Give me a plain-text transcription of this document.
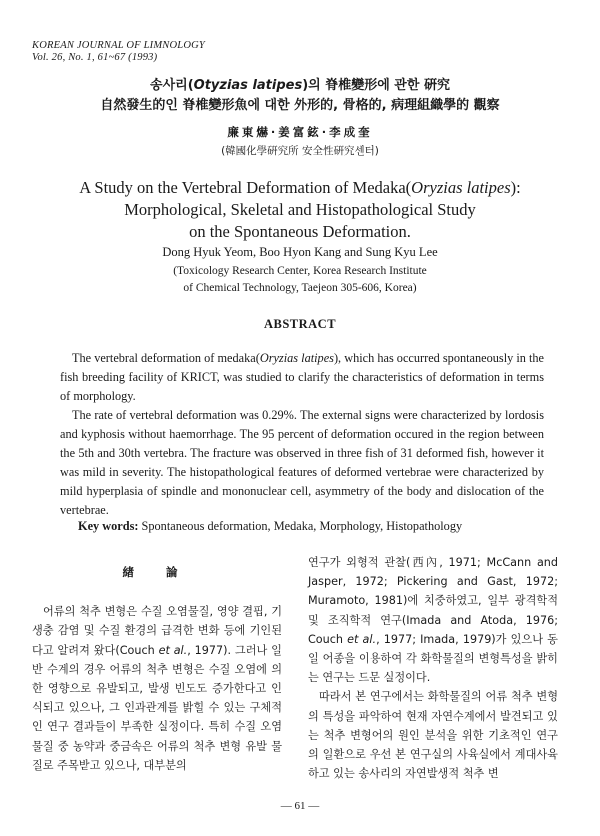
KOREAN JOURNAL OF LIMNOLOGY
Vol. 26, No. 1, 61~67 (1993)
송사리(Otyzias latipes)의 脊椎變形에 관한 硏究
自然發生的인 脊椎變形魚에 대한 外形的, 骨格的, 病理組織學的 觀察
廉東爀·姜富鉉·李成奎
(韓國化學硏究所 安全性硏究센터)
A Study on the Vertebral Deformation of Medaka(Oryzias latipes):
Morphological, Skeletal and Histopathological Study
on the Spontaneous Deformation.
Dong Hyuk Yeom, Boo Hyon Kang and Sung Kyu Lee
(Toxicology Research Center, Korea Research Institute
of Chemical Technology, Taejeon 305-606, Korea)
ABSTRACT

The vertebral deformation of medaka(Oryzias latipes), which has occurred spontaneously in the fish breeding facility of KRICT, was studied to clarify the characteristics of deformation in terms of morphology.

The rate of vertebral deformation was 0.29%. The external signs were characterized by lordosis and kyphosis without haemorrhage. The 95 percent of deformation occured in the region between the 5th and 30th vertebra. The fracture was observed in three fish of 31 deformed fish, however it was mild in severity. The histopathological features of deformed vertebrae were characterized by mild hyperplasia of spindle and mononuclear cell, asymmetry of the body and dislocation of the vertebrae.

Key words: Spontaneous deformation, Medaka, Morphology, Histopathology

緖 論

어류의 척추 변형은 수질 오염물질, 영양 결핍, 기생충 감염 및 수질 환경의 급격한 변화 등에 기인된다고 알려져 왔다(Couch et al., 1977). 그러나 일반 수계의 경우 어류의 척추 변형은 수질 오염에 의한 영향으로 유발되고, 발생 빈도도 증가한다고 인식되고 있으나, 그 인과관계를 밝힐 수 있는 구체적인 연구 결과들이 부족한 실정이다. 특히 수질 오염물질 중 농약과 중금속은 어류의 척추 변형 유발 물질로 주목받고 있으나, 대부분의

연구가 외형적 관찰(西內, 1971; McCann and Jasper, 1972; Pickering and Gast, 1972; Muramoto, 1981)에 치중하였고, 일부 광격학적 및 조직학적 연구(Imada and Atoda, 1976; Couch et al., 1977; Imada, 1979)가 있으나 동일 어종을 이용하여 각 화학물질의 변형특성을 밝히는 연구는 드문 실정이다.

따라서 본 연구에서는 화학물질의 어류 척추 변형의 특성을 파악하여 현재 자연수계에서 발견되고 있는 척추 변형어의 원인 분석을 위한 기초적인 연구의 일환으로 우선 본 연구실의 사육실에서 계대사육하고 있는 송사리의 자연발생적 척추 변

— 61 —
